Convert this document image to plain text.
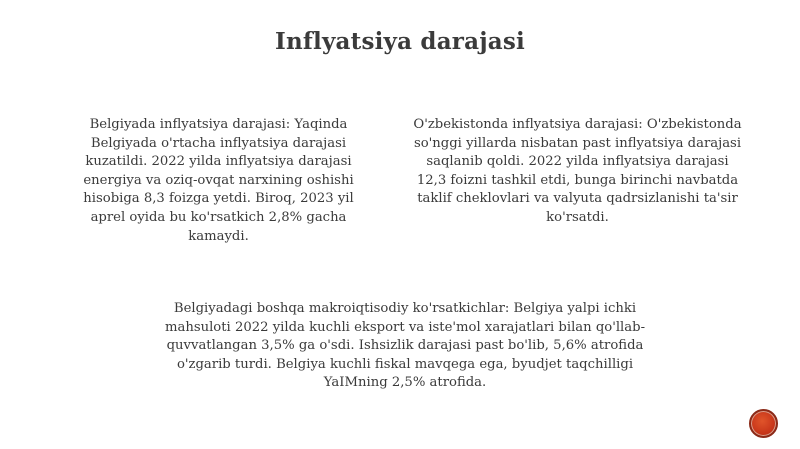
Inflyatsiya darajasi
Belgiyada inflyatsiya darajasi: Yaqinda
Belgiyada o'rtacha inflyatsiya darajasi
kuzatildi. 2022 yilda inflyatsiya darajasi
energiya va oziq-ovqat narxining oshishi
hisobiga 8,3 foizga yetdi. Biroq, 2023 yil
aprel oyida bu ko'rsatkich 2,8% gacha
kamaydi.
O'zbekistonda inflyatsiya darajasi: O'zbekistonda
so'nggi yillarda nisbatan past inflyatsiya darajasi
saqlanib qoldi. 2022 yilda inflyatsiya darajasi
12,3 foizni tashkil etdi, bunga birinchi navbatda
taklif cheklovlari va valyuta qadrsizlanishi ta'sir
ko'rsatdi.
Belgiyadagi boshqa makroiqtisodiy ko'rsatkichlar: Belgiya yalpi ichki
mahsuloti 2022 yilda kuchli eksport va iste'mol xarajatlari bilan qo'llab-
quvvatlangan 3,5% ga o'sdi. Ishsizlik darajasi past bo'lib, 5,6% atrofida
o'zgarib turdi. Belgiya kuchli fiskal mavqega ega, byudjet taqchilligi
YaIMning 2,5% atrofida.
